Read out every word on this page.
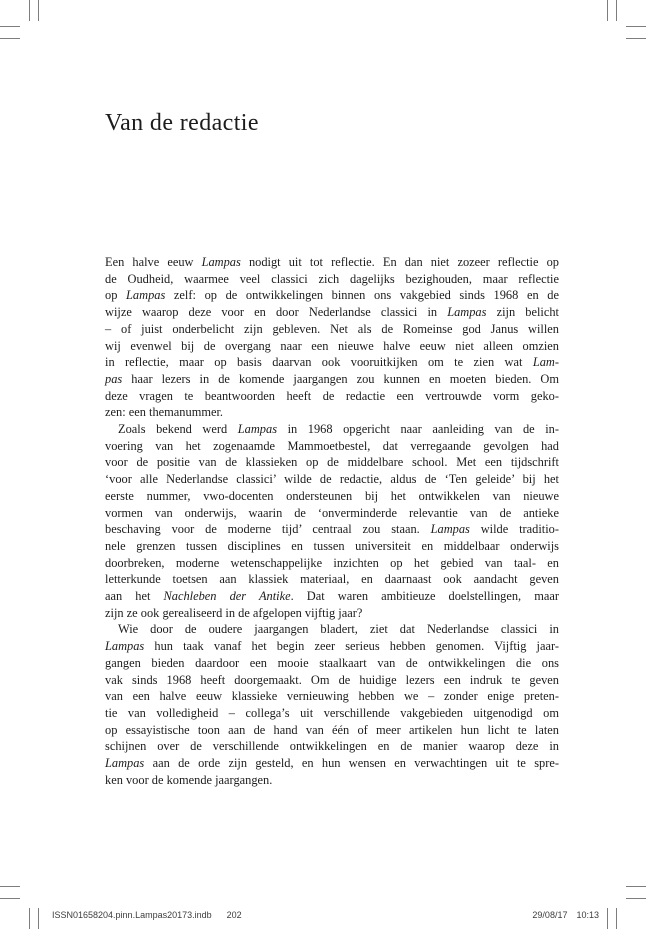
Van de redactie
Een halve eeuw Lampas nodigt uit tot reflectie. En dan niet zozeer reflectie op
de Oudheid, waarmee veel classici zich dagelijks bezighouden, maar reflectie
op Lampas zelf: op de ontwikkelingen binnen ons vakgebied sinds 1968 en de
wijze waarop deze voor en door Nederlandse classici in Lampas zijn belicht
– of juist onderbelicht zijn gebleven. Net als de Romeinse god Janus willen
wij evenwel bij de overgang naar een nieuwe halve eeuw niet alleen omzien
in reflectie, maar op basis daarvan ook vooruitkijken om te zien wat Lam-
pas haar lezers in de komende jaargangen zou kunnen en moeten bieden. Om
deze vragen te beantwoorden heeft de redactie een vertrouwde vorm geko-
zen: een themanummer.
Zoals bekend werd Lampas in 1968 opgericht naar aanleiding van de in-
voering van het zogenaamde Mammoetbestel, dat verregaande gevolgen had
voor de positie van de klassieken op de middelbare school. Met een tijdschrift
‘voor alle Nederlandse classici’ wilde de redactie, aldus de ‘Ten geleide’ bij het
eerste nummer, vwo-docenten ondersteunen bij het ontwikkelen van nieuwe
vormen van onderwijs, waarin de ‘onverminderde relevantie van de antieke
beschaving voor de moderne tijd’ centraal zou staan. Lampas wilde traditio-
nele grenzen tussen disciplines en tussen universiteit en middelbaar onderwijs
doorbreken, moderne wetenschappelijke inzichten op het gebied van taal- en
letterkunde toetsen aan klassiek materiaal, en daarnaast ook aandacht geven
aan het Nachleben der Antike. Dat waren ambitieuze doelstellingen, maar
zijn ze ook gerealiseerd in de afgelopen vijftig jaar?
Wie door de oudere jaargangen bladert, ziet dat Nederlandse classici in
Lampas hun taak vanaf het begin zeer serieus hebben genomen. Vijftig jaar-
gangen bieden daardoor een mooie staalkaart van de ontwikkelingen die ons
vak sinds 1968 heeft doorgemaakt. Om de huidige lezers een indruk te geven
van een halve eeuw klassieke vernieuwing hebben we – zonder enige preten-
tie van volledigheid – collega’s uit verschillende vakgebieden uitgenodigd om
op essayistische toon aan de hand van één of meer artikelen hun licht te laten
schijnen over de verschillende ontwikkelingen en de manier waarop deze in
Lampas aan de orde zijn gesteld, en hun wensen en verwachtingen uit te spre-
ken voor de komende jaargangen.
ISSN01658204.pinn.Lampas20173.indb 202	29/08/17 10:13
